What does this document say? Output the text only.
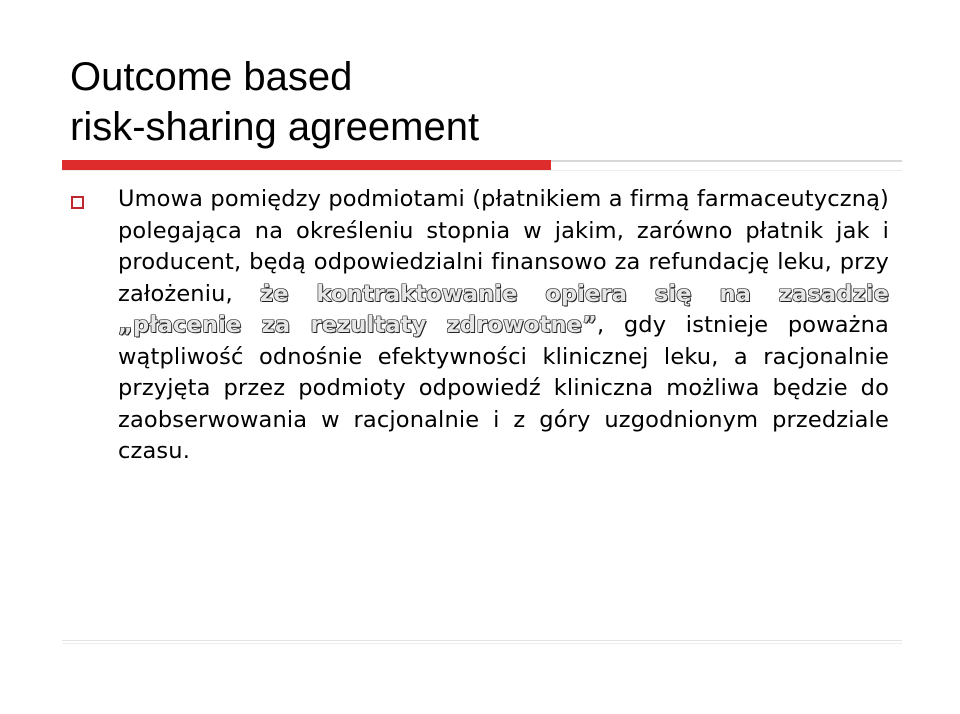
Outcome based
risk-sharing agreement
Umowa pomiędzy podmiotami (płatnikiem a firmą farmaceutyczną) polegająca na określeniu stopnia w jakim, zarówno płatnik jak i producent, będą odpowiedzialni finansowo za refundację leku, przy założeniu, że kontraktowanie opiera się na zasadzie „płacenie za rezultaty zdrowotne”, gdy istnieje poważna wątpliwość odnośnie efektywności klinicznej leku, a racjonalnie przyjęta przez podmioty odpowiedź kliniczna możliwa będzie do zaobserwowania w racjonalnie i z góry uzgodnionym przedziale czasu.
